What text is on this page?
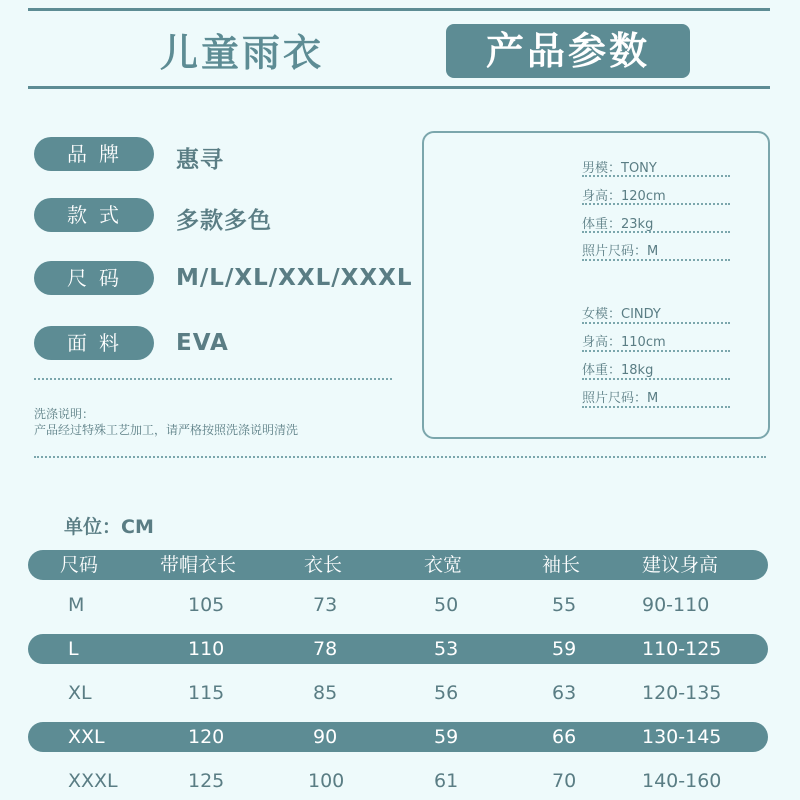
儿童雨衣	产品参数
品牌	惠寻
款式	多款多色
尺码	M/L/XL/XXL/XXXL
面料	EVA
洗涤说明：
产品经过特殊工艺加工，请严格按照洗涤说明清洗
男模：TONY
身高：120cm
体重：23kg
照片尺码：M
女模：CINDY
身高：110cm
体重：18kg
照片尺码：M
单位：CM
尺码	带帽衣长	衣长	衣宽	袖长	建议身高
M	105	73	50	55	90-110
L	110	78	53	59	110-125
XL	115	85	56	63	120-135
XXL	120	90	59	66	130-145
XXXL	125	100	61	70	140-160
